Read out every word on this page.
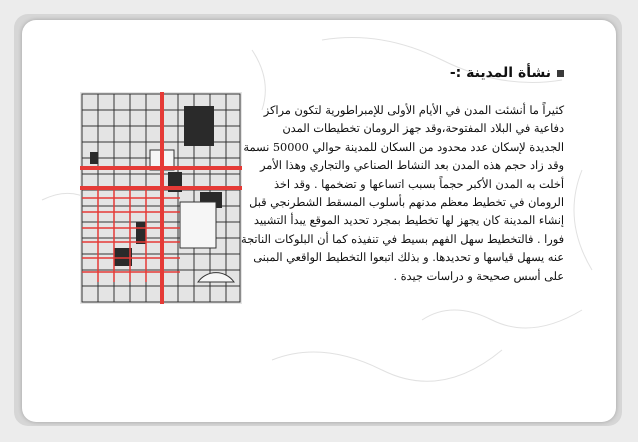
نشأة المدينة :-
كثيراً ما أنشئت المدن في الأيام الأولى للإمبراطورية لتكون مراكز
دفاعية في البلاد المفتوحة،وقد جهز الرومان تخطيطات المدن
الجديدة لإسكان عدد محدود من السكان للمدينة حوالي 50000 نسمة
وقد زاد حجم هذه المدن بعد النشاط الصناعي والتجاري وهذا الأمر
أخلت به المدن الأكبر حجماً بسبب اتساعها و تضخمها . وقد اخذ
الرومان في تخطيط معظم مدنهم بأسلوب المسقط الشطرنجي قبل
إنشاء المدينة كان يجهز لها تخطيط بمجرد تحديد الموقع يبدأ التشييد
فورا . فالتخطيط سهل الفهم بسيط في تنفيذه كما أن البلوكات الناتجة
عنه يسهل قياسها و تحديدها. و بذلك اتبعوا التخطيط الواقعي المبنى
على أسس صحيحة و دراسات جيدة .
